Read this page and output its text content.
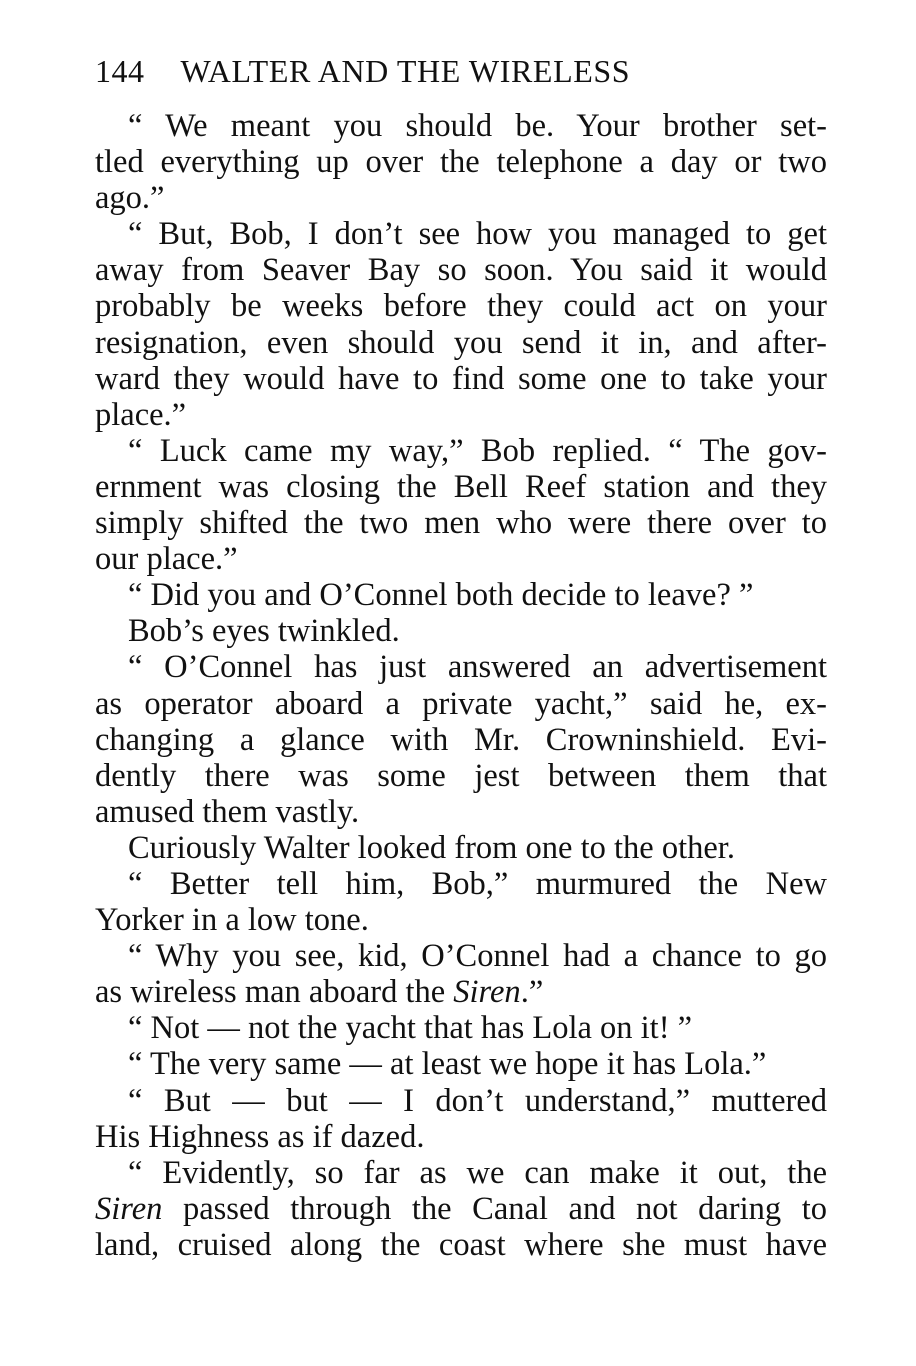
144 WALTER AND THE WIRELESS
“ We meant you should be. Your brother set-
tled everything up over the telephone a day or two
ago.”
“ But, Bob, I don’t see how you managed to get
away from Seaver Bay so soon. You said it would
probably be weeks before they could act on your
resignation, even should you send it in, and after-
ward they would have to find some one to take your
place.”
“ Luck came my way,” Bob replied. “ The gov-
ernment was closing the Bell Reef station and they
simply shifted the two men who were there over to
our place.”
“ Did you and O’Connel both decide to leave? ”
Bob’s eyes twinkled.
“ O’Connel has just answered an advertisement
as operator aboard a private yacht,” said he, ex-
changing a glance with Mr. Crowninshield. Evi-
dently there was some jest between them that
amused them vastly.
Curiously Walter looked from one to the other.
“ Better tell him, Bob,” murmured the New
Yorker in a low tone.
“ Why you see, kid, O’Connel had a chance to go
as wireless man aboard the Siren.”
“ Not — not the yacht that has Lola on it! ”
“ The very same — at least we hope it has Lola.”
“ But — but — I don’t understand,” muttered
His Highness as if dazed.
“ Evidently, so far as we can make it out, the
Siren passed through the Canal and not daring to
land, cruised along the coast where she must have
